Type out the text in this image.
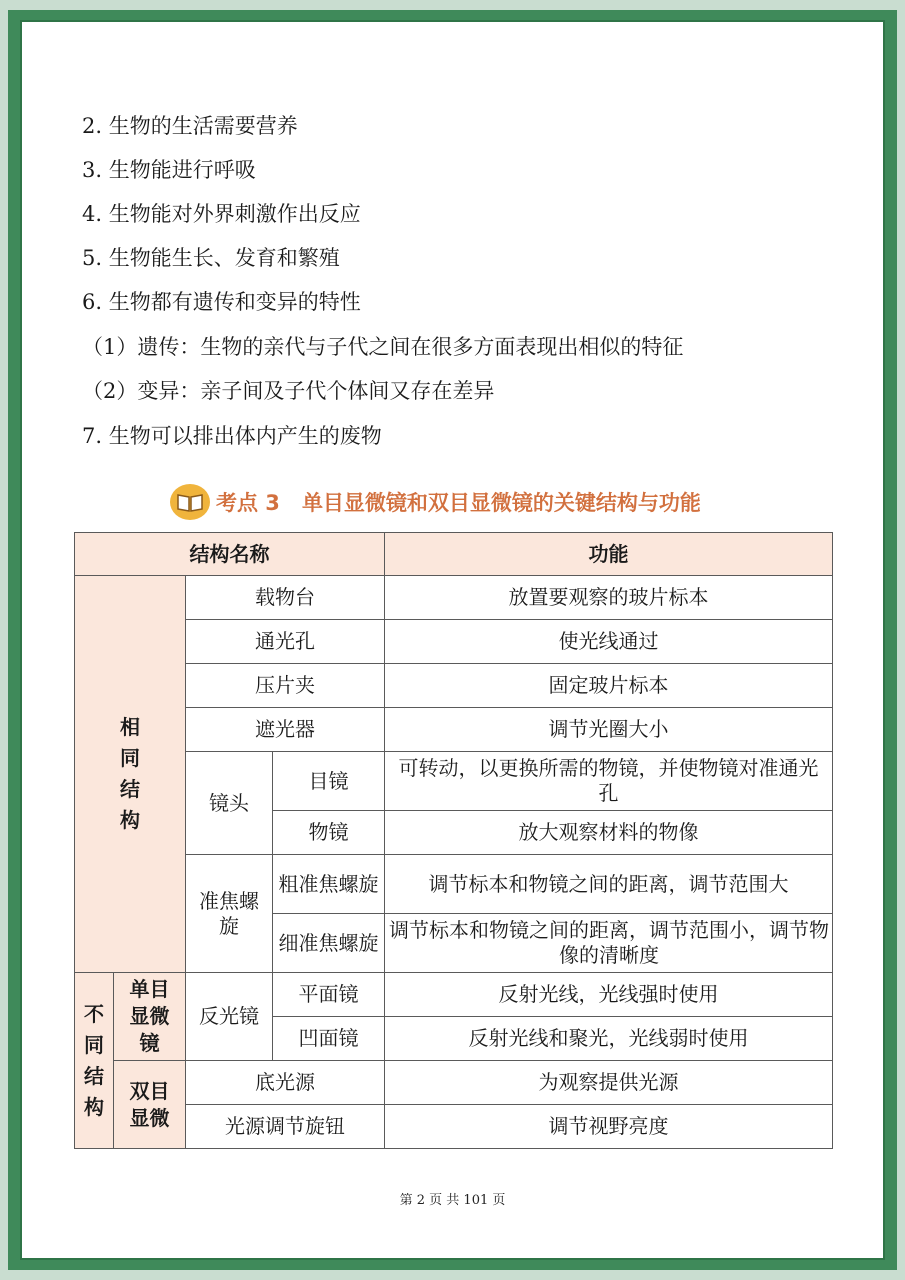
2. 生物的生活需要营养
3. 生物能进行呼吸
4. 生物能对外界刺激作出反应
5. 生物能生长、发育和繁殖
6. 生物都有遗传和变异的特性
（1）遗传：生物的亲代与子代之间在很多方面表现出相似的特征
（2）变异：亲子间及子代个体间又存在差异
7. 生物可以排出体内产生的废物
考点 3 单目显微镜和双目显微镜的关键结构与功能
结构名称				功能

相同结构		载物台		放置要观察的玻片标本
		通光孔		使光线通过
		压片夹		固定玻片标本
		遮光器		调节光圈大小
		镜头	目镜	可转动，以更换所需的物镜，并使物镜对准通光孔

			物镜	放大观察材料的物像

		准焦螺旋	粗准焦螺旋	调节标本和物镜之间的距离，调节范围大

			细准焦螺旋	调节标本和物镜之间的距离，调节范围小，调节物像的清晰度

不同结构	单目显微镜	反光镜	平面镜	反射光线，光线强时使用
			凹面镜	反射光线和聚光，光线弱时使用

	双目显微	底光源		为观察提供光源
		光源调节旋钮		调节视野亮度
第 2 页 共 101 页
